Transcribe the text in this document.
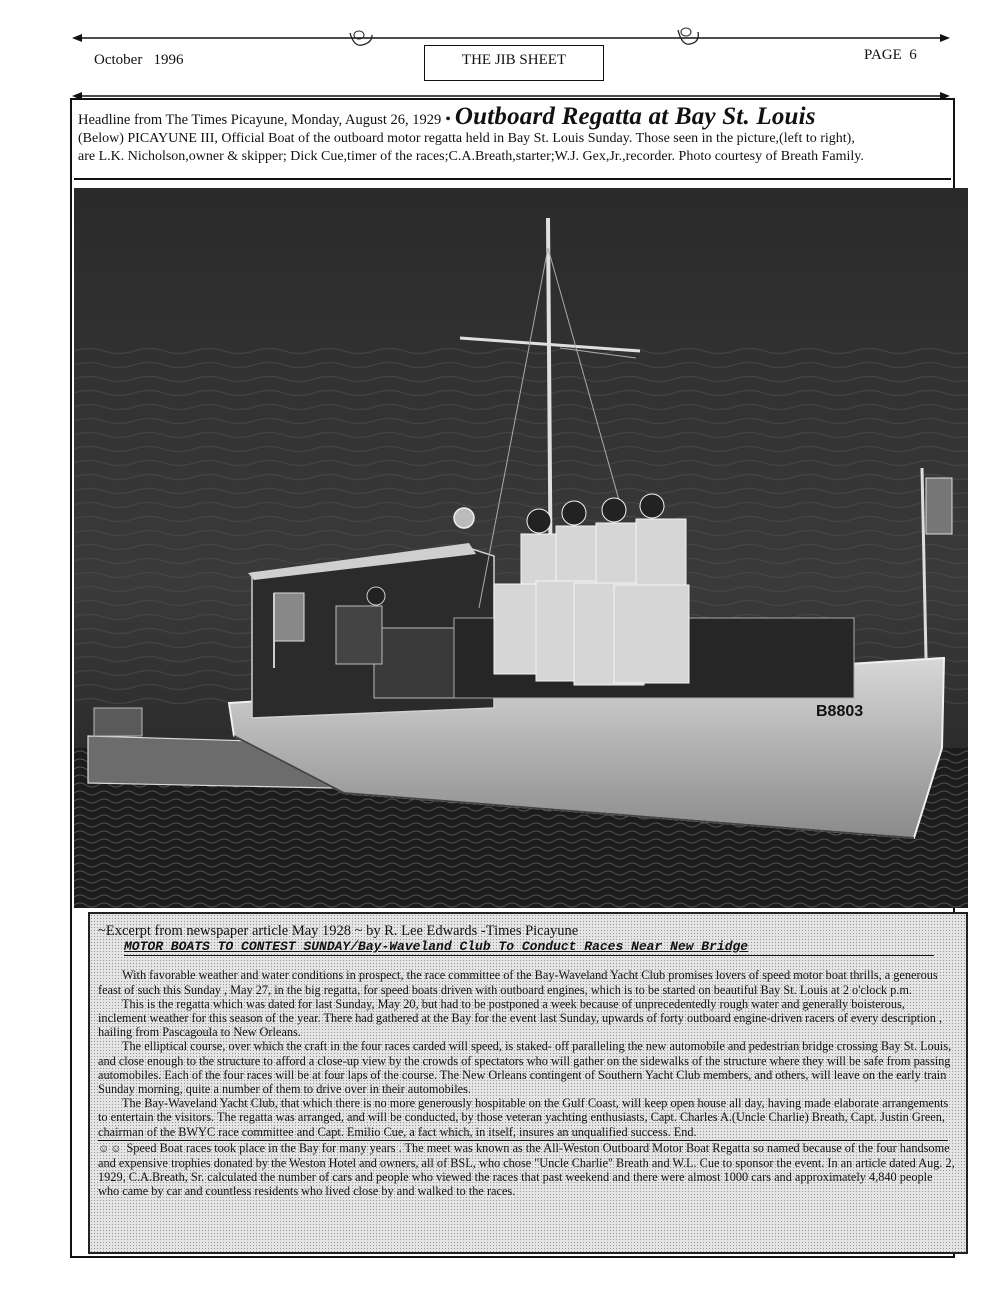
October   1996	THE JIB SHEET	PAGE  6
Headline from The Times Picayune, Monday, August 26, 1929 • Outboard Regatta at Bay St. Louis
(Below) PICAYUNE III, Official Boat of the outboard motor regatta held in Bay St. Louis Sunday. Those seen in the picture,(left to right),
are L.K. Nicholson,owner & skipper; Dick Cue,timer of the races;C.A.Breath,starter;W.J. Gex,Jr.,recorder. Photo courtesy of Breath Family.
B8803
~Excerpt from newspaper article May 1928 ~ by R. Lee Edwards -Times Picayune
MOTOR BOATS TO CONTEST SUNDAY/Bay-Waveland Club To Conduct Races Near New Bridge

With favorable weather and water conditions in prospect, the race committee of the Bay-Waveland Yacht Club promises lovers of speed motor boat thrills, a generous feast of such this Sunday , May 27, in the big regatta, for speed boats driven with outboard engines, which is to be started on beautiful Bay St. Louis at 2 o'clock p.m.

This is the regatta which was dated for last Sunday, May 20, but had to be postponed a week because of unprecedentedly rough water and generally boisterous, inclement weather for this season of the year. There had gathered at the Bay for the event last Sunday, upwards of forty outboard engine-driven racers of every description , hailing from Pascagoula to New Orleans.

The elliptical course, over which the craft in the four races carded will speed, is staked- off paralleling the new automobile and pedestrian bridge crossing Bay St. Louis, and close enough to the structure to afford a close-up view by the crowds of spectators who will gather on the sidewalks of the structure where they will be safe from passing automobiles. Each of the four races will be at four laps of the course. The New Orleans contingent of Southern Yacht Club members, and others, will leave on the early train Sunday morning, quite a number of them to drive over in their automobiles.

The Bay-Waveland Yacht Club, that which there is no more generously hospitable on the Gulf Coast, will keep open house all day, having made elaborate arrangements to entertain the visitors. The regatta was arranged, and will be conducted, by those veteran yachting enthusiasts, Capt. Charles A.(Uncle Charlie) Breath, Capt. Justin Green, chairman of the BWYC race committee and Capt. Emilio Cue, a fact which, in itself, insures an unqualified success. End.

☺☺ Speed Boat races took place in the Bay for many years . The meet was known as the All-Weston Outboard Motor Boat Regatta so named because of the four handsome and expensive trophies donated by the Weston Hotel and owners, all of BSL, who chose "Uncle Charlie" Breath and W.L. Cue to sponsor the event. In an article dated Aug. 2, 1929, C.A.Breath, Sr. calculated the number of cars and people who viewed the races that past weekend and there were almost 1000 cars and approximately 4,840 people who came by car and countless residents who lived close by and walked to the races.
